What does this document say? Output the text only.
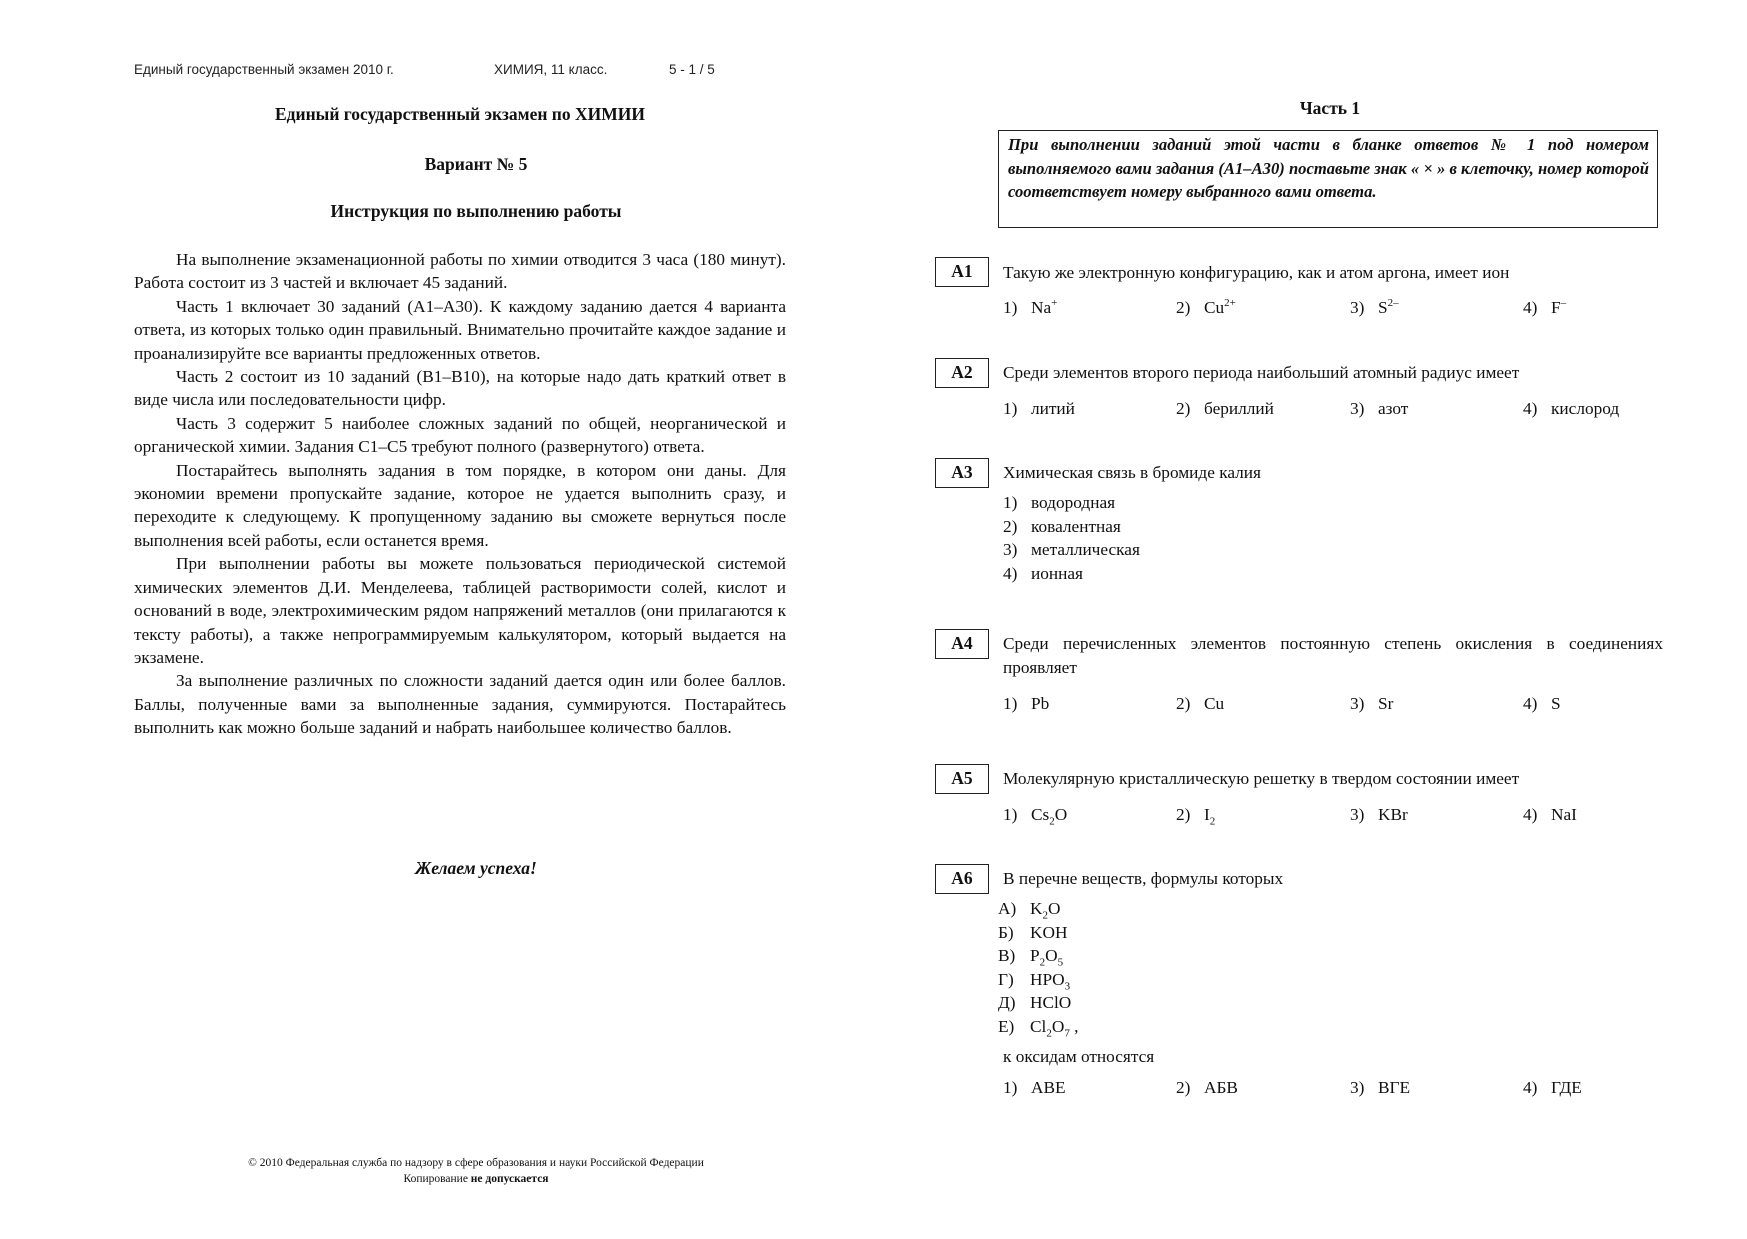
Единый государственный экзамен 2010 г.	ХИМИЯ, 11 класс.	5 - 1 / 5
Единый государственный экзамен по ХИМИИ
Вариант № 5
Инструкция по выполнению работы

На выполнение экзаменационной работы по химии отводится 3 часа (180 минут). Работа состоит из 3 частей и включает 45 заданий.

Часть 1 включает 30 заданий (А1–А30). К каждому заданию дается 4 варианта ответа, из которых только один правильный. Внимательно прочитайте каждое задание и проанализируйте все варианты предложенных ответов.

Часть 2 состоит из 10 заданий (В1–В10), на которые надо дать краткий ответ в виде числа или последовательности цифр.

Часть 3 содержит 5 наиболее сложных заданий по общей, неорганической и органической химии. Задания С1–С5 требуют полного (развернутого) ответа.

Постарайтесь выполнять задания в том порядке, в котором они даны. Для экономии времени пропускайте задание, которое не удается выполнить сразу, и переходите к следующему. К пропущенному заданию вы сможете вернуться после выполнения всей работы, если останется время.

При выполнении работы вы можете пользоваться периодической системой химических элементов Д.И. Менделеева, таблицей растворимости солей, кислот и оснований в воде, электрохимическим рядом напряжений металлов (они прилагаются к тексту работы), а также непрограммируемым калькулятором, который выдается на экзамене.

За выполнение различных по сложности заданий дается один или более баллов. Баллы, полученные вами за выполненные задания, суммируются. Постарайтесь выполнить как можно больше заданий и набрать наибольшее количество баллов.

Желаем успеха!
© 2010 Федеральная служба по надзору в сфере образования и науки Российской Федерации
Копирование не допускается
Часть 1
При выполнении заданий этой части в бланке ответов № 1 под номером выполняемого вами задания (А1–А30) поставьте знак « × » в клеточку, номер которой соответствует номеру выбранного вами ответа.
А1	Такую же электронную конфигурацию, как и атом аргона, имеет ион
1) Na+	2) $Cu^{2+}$	3) $S^{2-}$	4) F–
А2	Среди элементов второго периода наибольший атомный радиус имеет
1) литий	2) бериллий	3) азот	4) кислород
А3	Химическая связь в бромиде калия
1) водородная
2) ковалентная
3) металлическая
4) ионная
А4	Среди перечисленных элементов постоянную степень окисления в соединениях проявляет
1) Pb	2) Cu	3) Sr	4) S
А5	Молекулярную кристаллическую решетку в твердом состоянии имеет
1) $Cs_2O$	2) $I_2$	3) KBr	4) NaI
А6	В перечне веществ, формулы которых
А) $K_2O$
Б) KOH
В) $P_2O_5$
Г) $HPO_3$
Д) HClO
Е) $Cl_2O_7$ ,
к оксидам относятся
1) АВЕ	2) АБВ	3) ВГЕ	4) ГДЕ
